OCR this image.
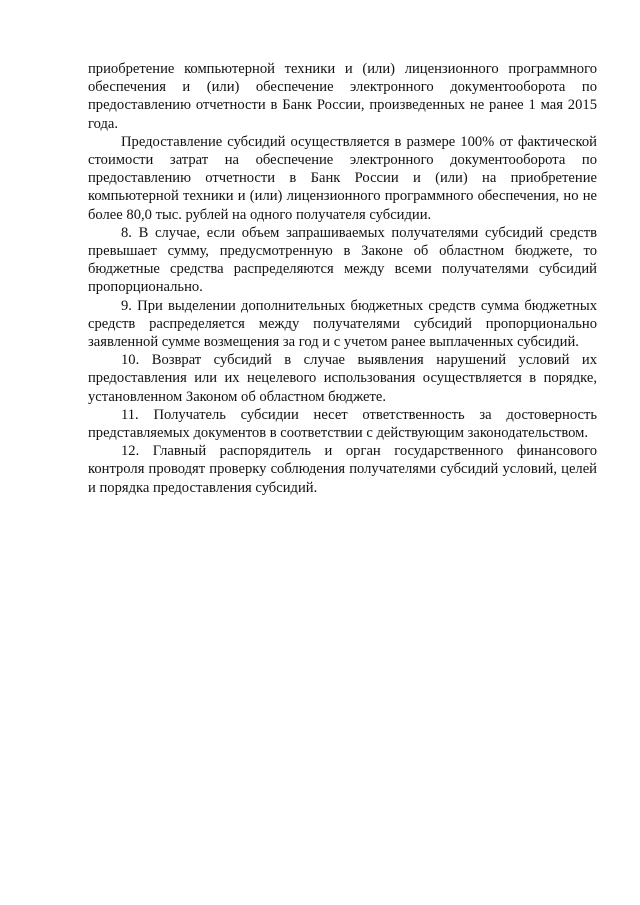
приобретение компьютерной техники и (или) лицензионного программного обеспечения и (или) обеспечение электронного документооборота по предоставлению отчетности в Банк России, произведенных не ранее 1 мая 2015 года.

Предоставление субсидий осуществляется в размере 100% от фактической стоимости затрат на обеспечение электронного документооборота по предоставлению отчетности в Банк России и (или) на приобретение компьютерной техники и (или) лицензионного программного обеспечения, но не более 80,0 тыс. рублей на одного получателя субсидии.

8. В случае, если объем запрашиваемых получателями субсидий средств превышает сумму, предусмотренную в Законе об областном бюджете, то бюджетные средства распределяются между всеми получателями субсидий пропорционально.

9. При выделении дополнительных бюджетных средств сумма бюджетных средств распределяется между получателями субсидий пропорционально заявленной сумме возмещения за год и с учетом ранее выплаченных субсидий.

10. Возврат субсидий в случае выявления нарушений условий их предоставления или их нецелевого использования осуществляется в порядке, установленном Законом об областном бюджете.

11. Получатель субсидии несет ответственность за достоверность представляемых документов в соответствии с действующим законодательством.

12. Главный распорядитель и орган государственного финансового контроля проводят проверку соблюдения получателями субсидий условий, целей и порядка предоставления субсидий.
